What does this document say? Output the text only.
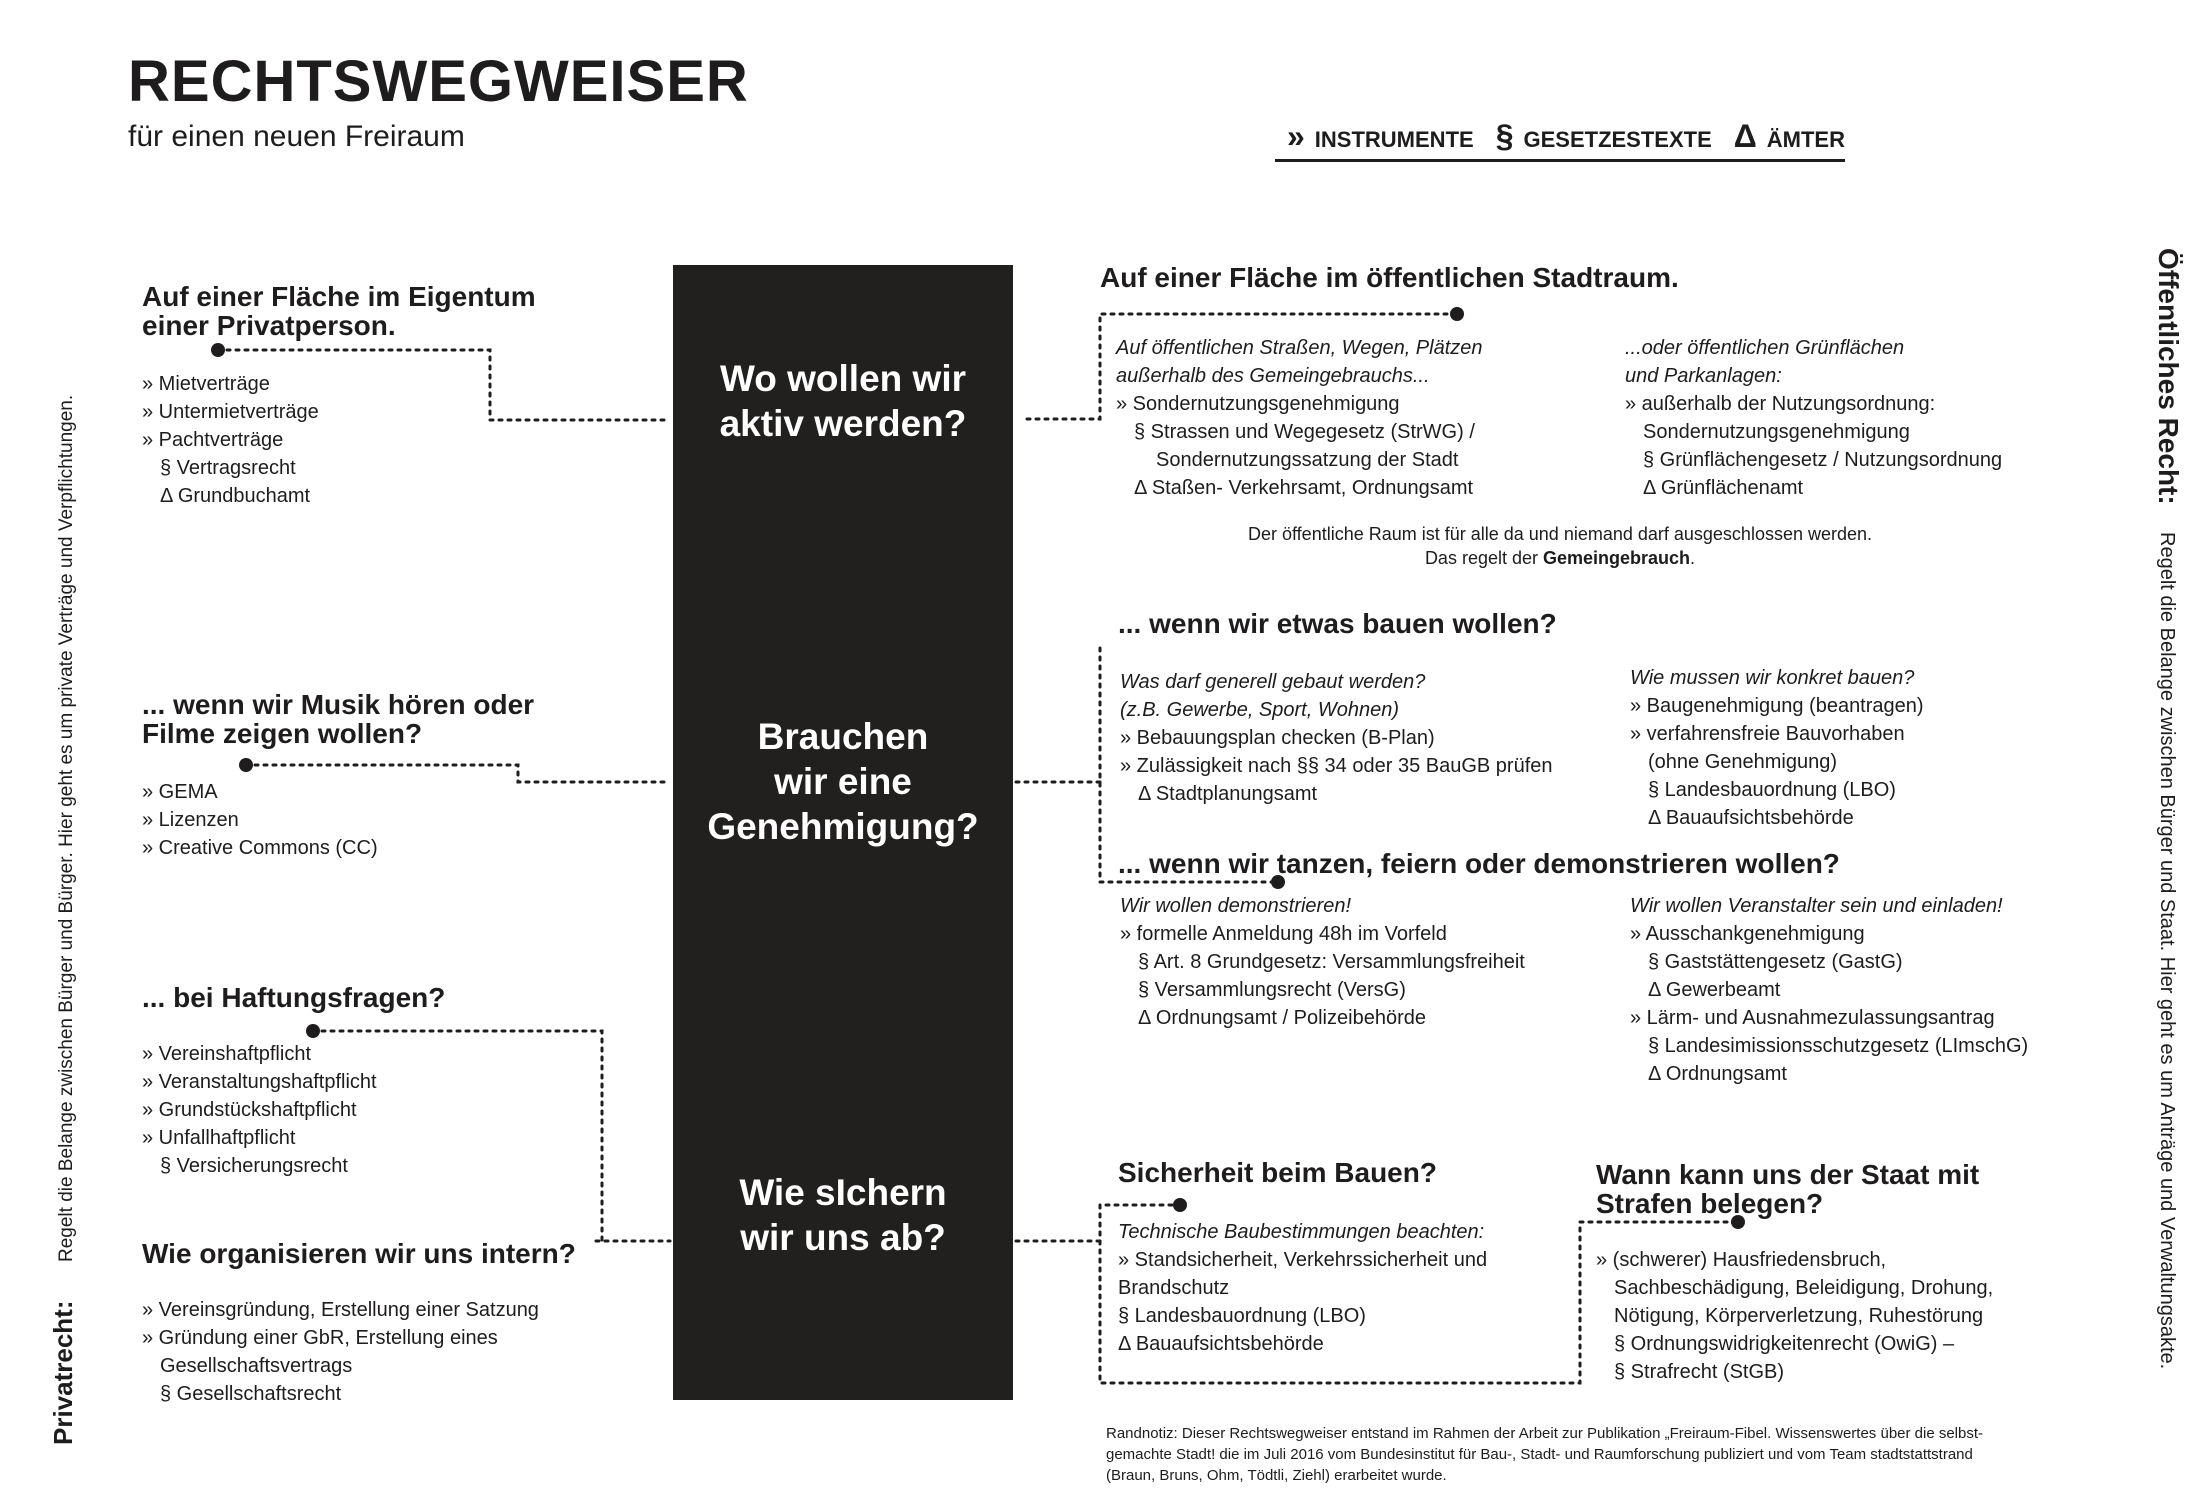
RECHTSWEGWEISER
für einen neuen Freiraum	» INSTRUMENTE § GESETZESTEXTE Δ ÄMTER
Privatrecht:
Regelt die Belange zwischen Bürger und Bürger. Hier geht es um private Verträge und Verpflichtungen.
Öffentliches Recht:
Regelt die Belange zwischen Bürger und Staat. Hier geht es um Anträge und Verwaltungsakte.
Wo wollen wir
aktiv werden?
Brauchen
wir eine
Genehmigung?
Wie sIchern
wir uns ab?
Auf einer Fläche im Eigentum
einer Privatperson.
» Mietverträge
» Untermietverträge
» Pachtverträge
§ Vertragsrecht
Δ Grundbuchamt
... wenn wir Musik hören oder
Filme zeigen wollen?
» GEMA
» Lizenzen
» Creative Commons (CC)
... bei Haftungsfragen?
» Vereinshaftpflicht
» Veranstaltungshaftpflicht
» Grundstückshaftpflicht
» Unfallhaftpflicht
§ Versicherungsrecht
Wie organisieren wir uns intern?
» Vereinsgründung, Erstellung einer Satzung
» Gründung einer GbR, Erstellung eines
Gesellschaftsvertrags
§ Gesellschaftsrecht
Auf einer Fläche im öffentlichen Stadtraum.
Auf öffentlichen Straßen, Wegen, Plätzen
außerhalb des Gemeingebrauchs...
» Sondernutzungsgenehmigung
§ Strassen und Wegegesetz (StrWG) /
Sondernutzungssatzung der Stadt
Δ Staßen- Verkehrsamt, Ordnungsamt
...oder öffentlichen Grünflächen
und Parkanlagen:
» außerhalb der Nutzungsordnung:
Sondernutzungsgenehmigung
§ Grünflächengesetz / Nutzungsordnung
Δ Grünflächenamt
Der öffentliche Raum ist für alle da und niemand darf ausgeschlossen werden.
Das regelt der Gemeingebrauch.
... wenn wir etwas bauen wollen?
Was darf generell gebaut werden?
(z.B. Gewerbe, Sport, Wohnen)
» Bebauungsplan checken (B-Plan)
» Zulässigkeit nach §§ 34 oder 35 BauGB prüfen
Δ Stadtplanungsamt
Wie mussen wir konkret bauen?
» Baugenehmigung (beantragen)
» verfahrensfreie Bauvorhaben
(ohne Genehmigung)
§ Landesbauordnung (LBO)
Δ Bauaufsichtsbehörde
... wenn wir tanzen, feiern oder demonstrieren wollen?
Wir wollen demonstrieren!
» formelle Anmeldung 48h im Vorfeld
§ Art. 8 Grundgesetz: Versammlungsfreiheit
§ Versammlungsrecht (VersG)
Δ Ordnungsamt / Polizeibehörde
Wir wollen Veranstalter sein und einladen!
» Ausschankgenehmigung
§ Gaststättengesetz (GastG)
Δ Gewerbeamt
» Lärm- und Ausnahmezulassungsantrag
§ Landesimissionsschutzgesetz (LImschG)
Δ Ordnungsamt
Sicherheit beim Bauen?
Technische Baubestimmungen beachten:
» Standsicherheit, Verkehrssicherheit und
Brandschutz
§ Landesbauordnung (LBO)
Δ Bauaufsichtsbehörde
Wann kann uns der Staat mit
Strafen belegen?
» (schwerer) Hausfriedensbruch,
Sachbeschädigung, Beleidigung, Drohung,
Nötigung, Körperverletzung, Ruhestörung
§ Ordnungswidrigkeitenrecht (OwiG) –
§ Strafrecht (StGB)
Randnotiz: Dieser Rechtswegweiser entstand im Rahmen der Arbeit zur Publikation „Freiraum-Fibel. Wissenswertes über die selbst-
gemachte Stadt! die im Juli 2016 vom Bundesinstitut für Bau-, Stadt- und Raumforschung publiziert und vom Team stadtstattstrand
(Braun, Bruns, Ohm, Tödtli, Ziehl) erarbeitet wurde.
